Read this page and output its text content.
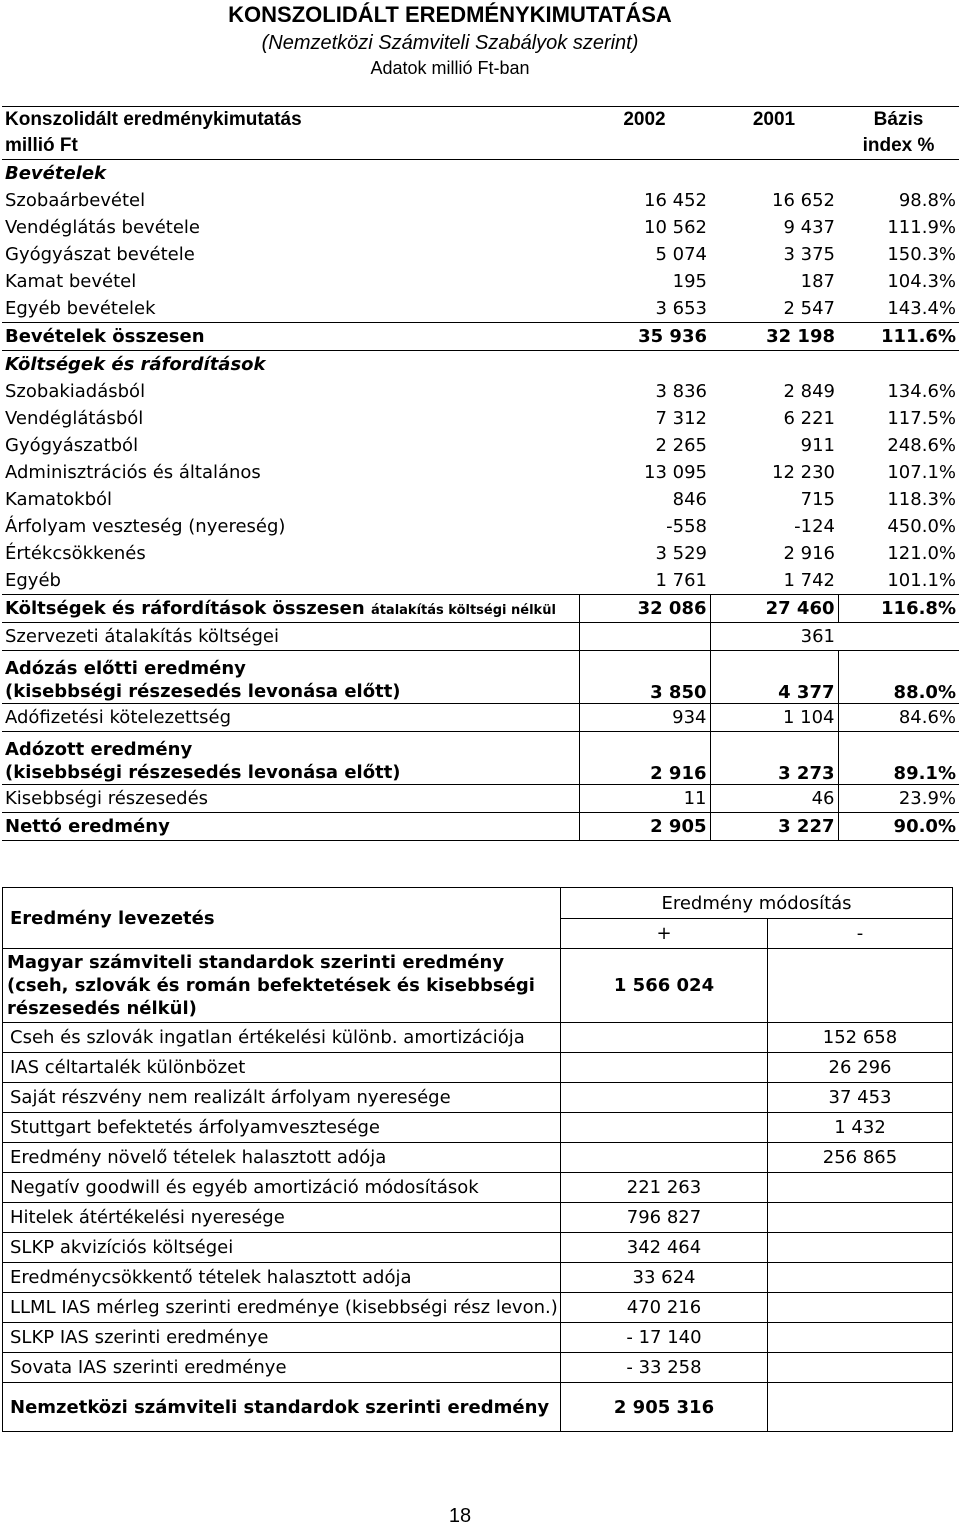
KONSZOLIDÁLT EREDMÉNYKIMUTATÁSA
(Nemzetközi Számviteli Szabályok szerint)
Adatok millió Ft-ban
Konszolidált eredménykimutatás	2002	2001	Bázis
millió Ft			index %
Bevételek			
Szobaárbevétel	16 452	16 652	98.8%
Vendéglátás bevétele	10 562	9 437	111.9%
Gyógyászat bevétele	5 074	3 375	150.3%
Kamat bevétel	195	187	104.3%
Egyéb bevételek	3 653	2 547	143.4%
Bevételek összesen	35 936	32 198	111.6%
Költségek és ráfordítások			
Szobakiadásból	3 836	2 849	134.6%
Vendéglátásból	7 312	6 221	117.5%
Gyógyászatból	2 265	911	248.6%
Adminisztrációs és általános	13 095	12 230	107.1%
Kamatokból	846	715	118.3%
Árfolyam veszteség (nyereség)	-558	-124	450.0%
Értékcsökkenés	3 529	2 916	121.0%
Egyéb	1 761	1 742	101.1%
Költségek és ráfordítások összesen átalakítás költségi nélkül	32 086	27 460	116.8%
Szervezeti átalakítás költségei		361	

Adózás előtti eredmény
(kisebbségi részesedés levonása előtt)	3 850	4 377	88.0%
Adófizetési kötelezettség	934	1 104	84.6%

Adózott eredmény
(kisebbségi részesedés levonása előtt)	2 916	3 273	89.1%
Kisebbségi részesedés	11	46	23.9%
Nettó eredmény	2 905	3 227	90.0%
Eredmény levezetés	Eredmény módosítás	
	+	-
Magyar számviteli standardok szerinti eredmény (cseh, szlovák és román befektetések és kisebbségi részesedés nélkül)	1 566 024	
Cseh és szlovák ingatlan értékelési különb. amortizációja		152 658
IAS céltartalék különbözet		26 296
Saját részvény nem realizált árfolyam nyeresége		37 453
Stuttgart befektetés árfolyamvesztesége		1 432
Eredmény növelő tételek halasztott adója		256 865
Negatív goodwill és egyéb amortizáció módosítások	221 263	
Hitelek átértékelési nyeresége	796 827	
SLKP akvizíciós költségei	342 464	
Eredménycsökkentő tételek halasztott adója	33 624	
LLML IAS mérleg szerinti eredménye (kisebbségi rész levon.)	470 216	
SLKP IAS szerinti eredménye	- 17 140	
Sovata IAS szerinti eredménye	- 33 258	
Nemzetközi számviteli standardok szerinti eredmény	2 905 316	
18
